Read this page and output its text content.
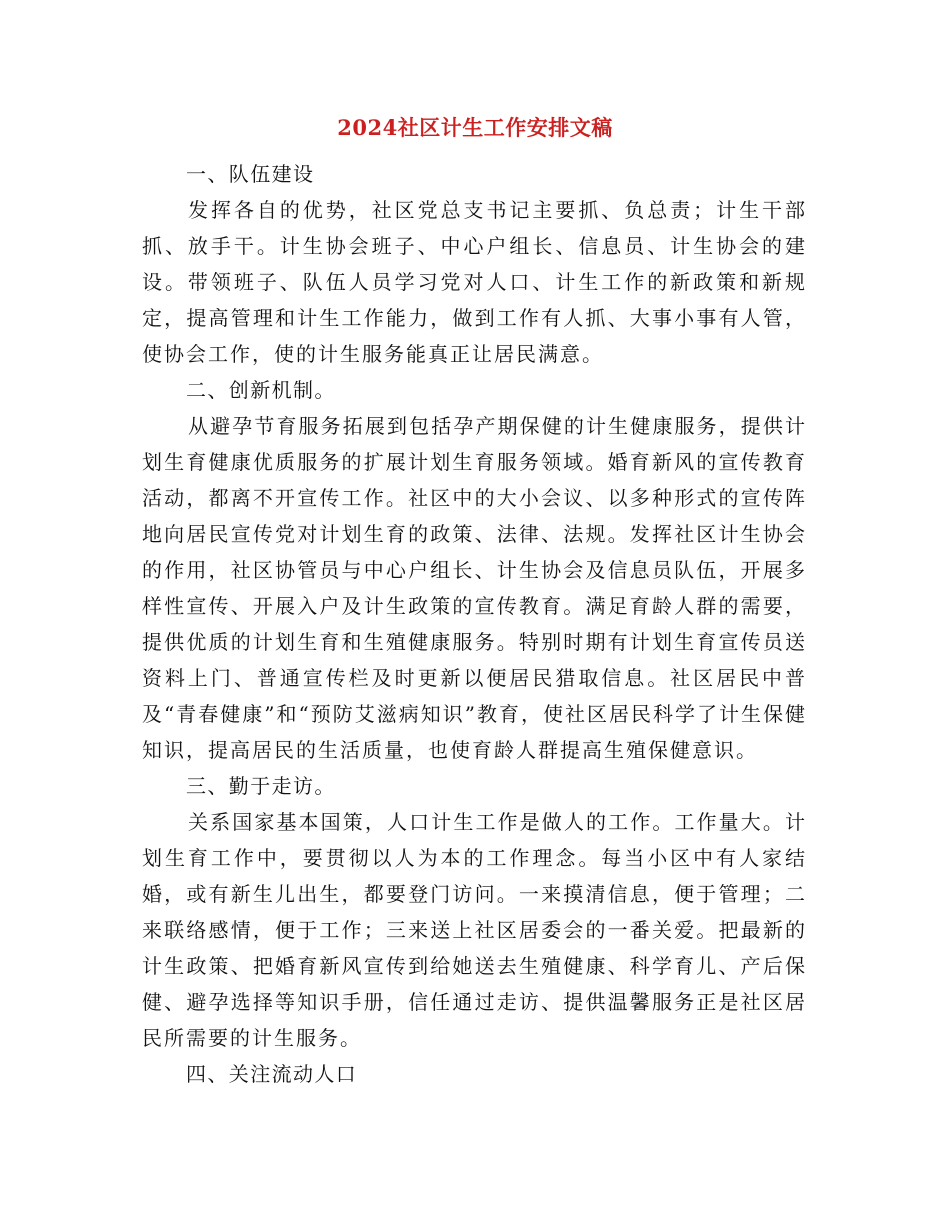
2024社区计生工作安排文稿

一、队伍建设

发挥各自的优势，社区党总支书记主要抓、负总责；计生干部抓、放手干。计生协会班子、中心户组长、信息员、计生协会的建设。带领班子、队伍人员学习党对人口、计生工作的新政策和新规定，提高管理和计生工作能力，做到工作有人抓、大事小事有人管，使协会工作，使的计生服务能真正让居民满意。

二、创新机制。

从避孕节育服务拓展到包括孕产期保健的计生健康服务，提供计划生育健康优质服务的扩展计划生育服务领域。婚育新风的宣传教育活动，都离不开宣传工作。社区中的大小会议、以多种形式的宣传阵地向居民宣传党对计划生育的政策、法律、法规。发挥社区计生协会的作用，社区协管员与中心户组长、计生协会及信息员队伍，开展多样性宣传、开展入户及计生政策的宣传教育。满足育龄人群的需要，提供优质的计划生育和生殖健康服务。特别时期有计划生育宣传员送资料上门、普通宣传栏及时更新以便居民猎取信息。社区居民中普及“青春健康”和“预防艾滋病知识”教育，使社区居民科学了计生保健知识，提高居民的生活质量，也使育龄人群提高生殖保健意识。

三、勤于走访。

关系国家基本国策，人口计生工作是做人的工作。工作量大。计划生育工作中，要贯彻以人为本的工作理念。每当小区中有人家结婚，或有新生儿出生，都要登门访问。一来摸清信息，便于管理；二来联络感情，便于工作；三来送上社区居委会的一番关爱。把最新的计生政策、把婚育新风宣传到给她送去生殖健康、科学育儿、产后保健、避孕选择等知识手册，信任通过走访、提供温馨服务正是社区居民所需要的计生服务。

四、关注流动人口
